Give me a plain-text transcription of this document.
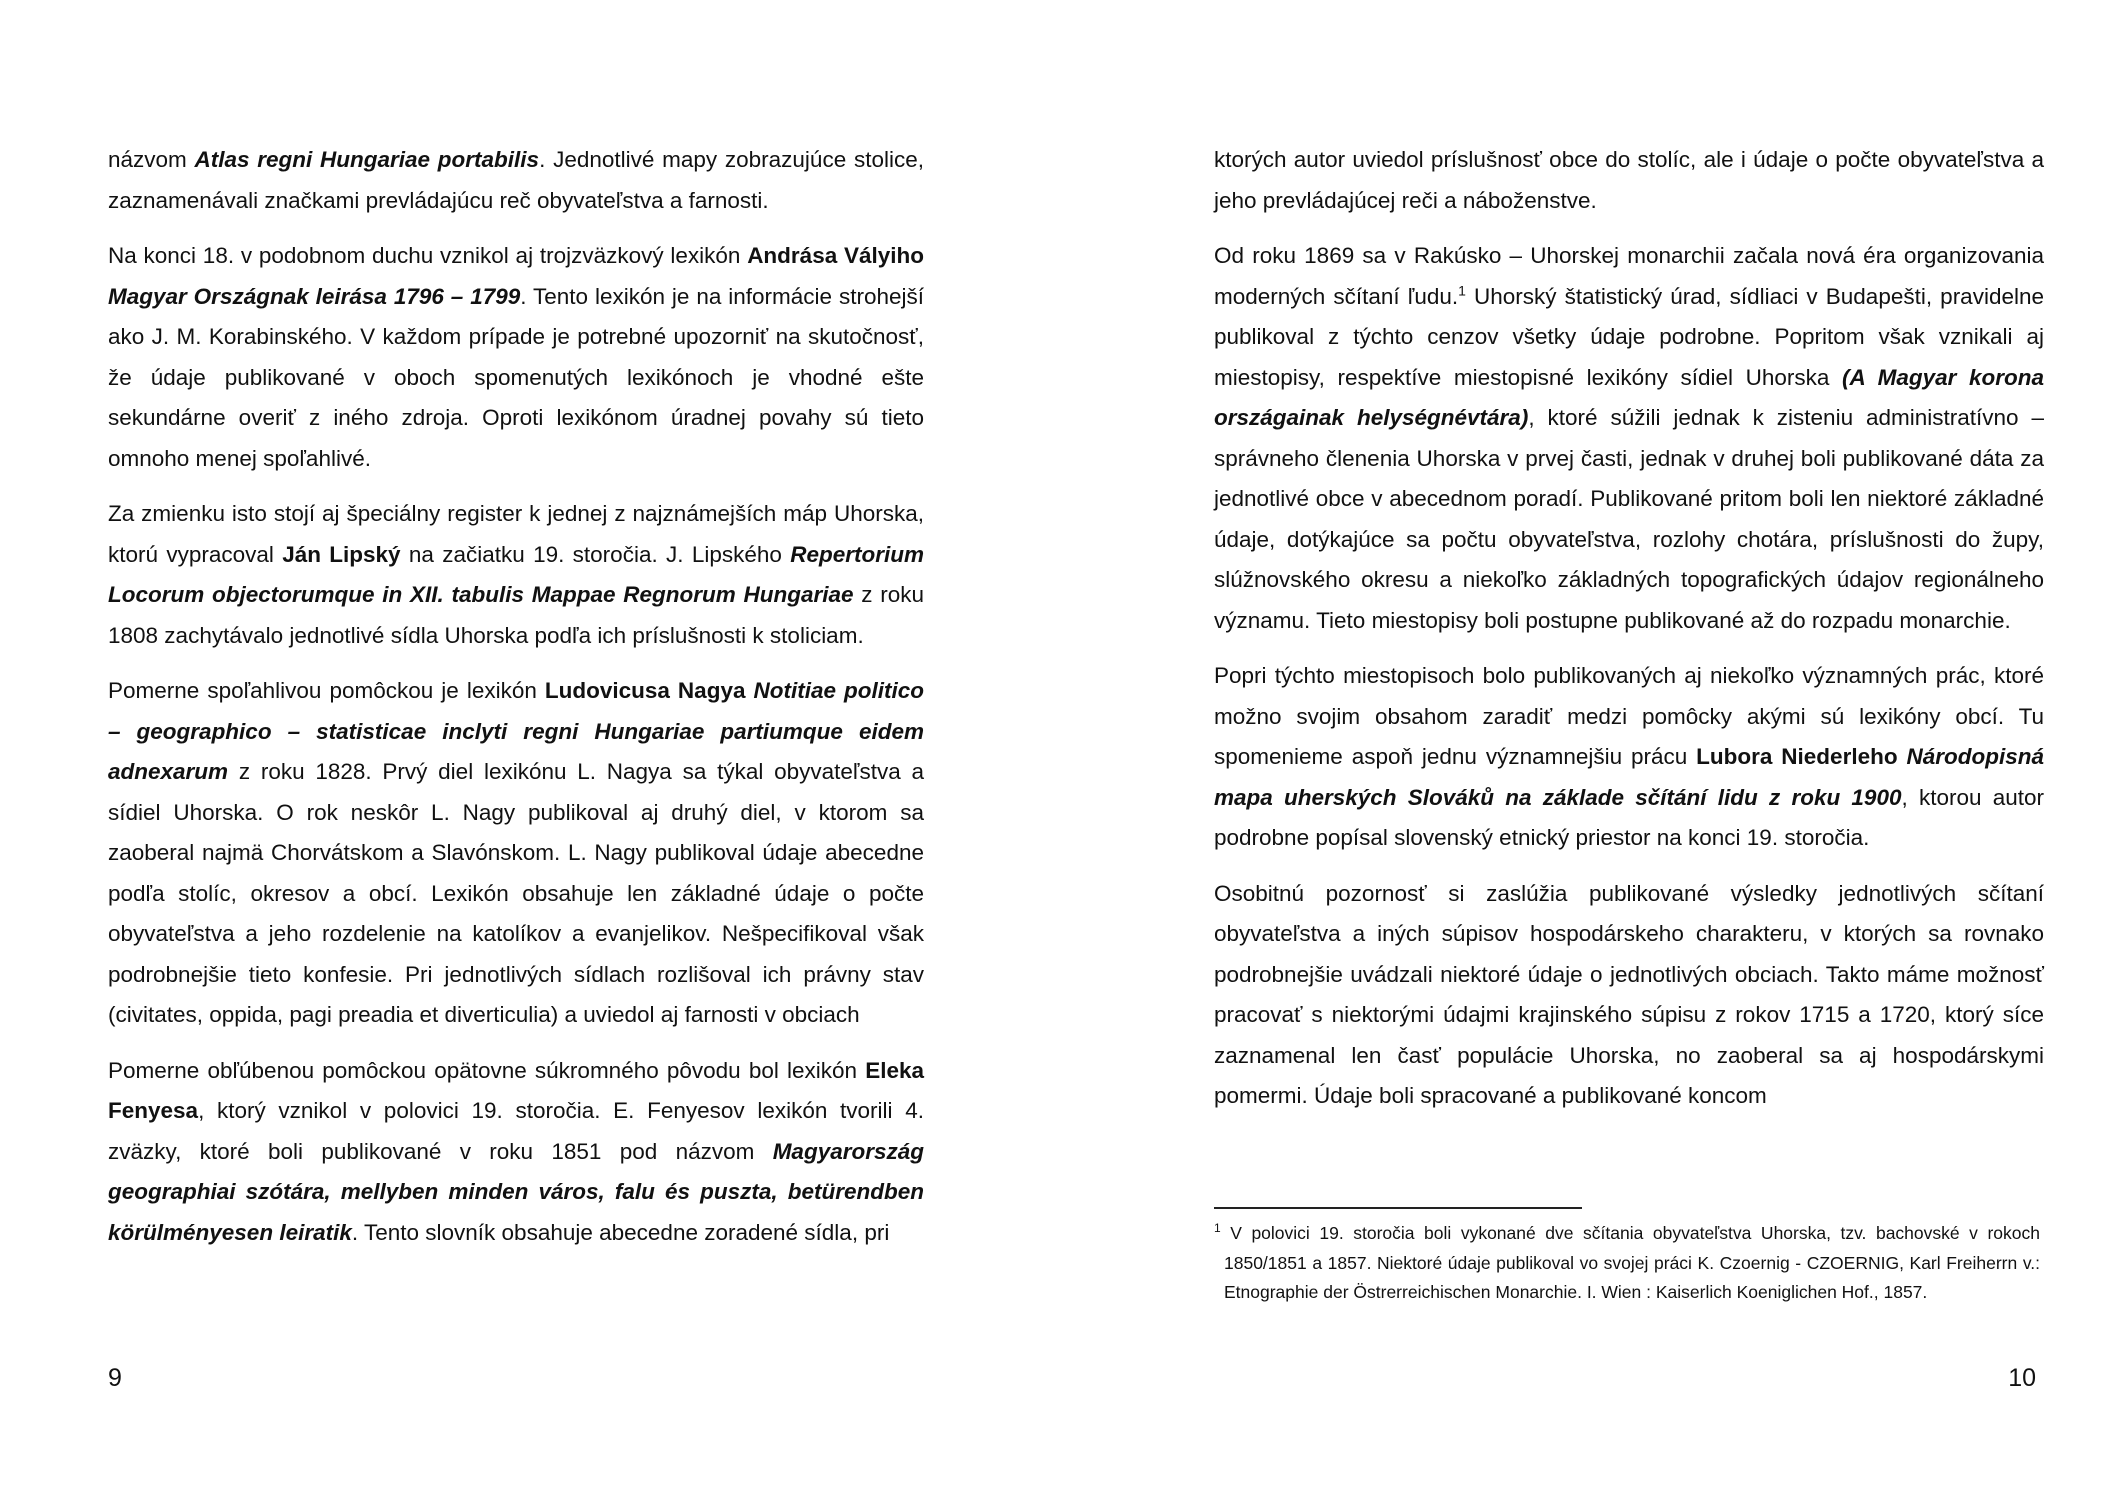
názvom Atlas regni Hungariae portabilis. Jednotlivé mapy zobrazujúce stolice, zaznamenávali značkami prevládajúcu reč obyvateľstva a farnosti.

Na konci 18. v podobnom duchu vznikol aj trojzväzkový lexikón Andrása Vályiho Magyar Országnak leirása 1796 – 1799. Tento lexikón je na informácie strohejší ako J. M. Korabinského. V každom prípade je potrebné upozorniť na skutočnosť, že údaje publikované v oboch spomenutých lexikónoch je vhodné ešte sekundárne overiť z iného zdroja. Oproti lexikónom úradnej povahy sú tieto omnoho menej spoľahlivé.

Za zmienku isto stojí aj špeciálny register k jednej z najznámejších máp Uhorska, ktorú vypracoval Ján Lipský na začiatku 19. storočia. J. Lipského Repertorium Locorum objectorumque in XII. tabulis Mappae Regnorum Hungariae z roku 1808 zachytávalo jednotlivé sídla Uhorska podľa ich príslušnosti k stoliciam.

Pomerne spoľahlivou pomôckou je lexikón Ludovicusa Nagya Notitiae politico – geographico – statisticae inclyti regni Hungariae partiumque eidem adnexarum z roku 1828. Prvý diel lexikónu L. Nagya sa týkal obyvateľstva a sídiel Uhorska. O rok neskôr L. Nagy publikoval aj druhý diel, v ktorom sa zaoberal najmä Chorvátskom a Slavónskom. L. Nagy publikoval údaje abecedne podľa stolíc, okresov a obcí. Lexikón obsahuje len základné údaje o počte obyvateľstva a jeho rozdelenie na katolíkov a evanjelikov. Nešpecifikoval však podrobnejšie tieto konfesie. Pri jednotlivých sídlach rozlišoval ich právny stav (civitates, oppida, pagi preadia et diverticulia) a uviedol aj farnosti v obciach

Pomerne obľúbenou pomôckou opätovne súkromného pôvodu bol lexikón Eleka Fenyesa, ktorý vznikol v polovici 19. storočia. E. Fenyesov lexikón tvorili 4. zväzky, ktoré boli publikované v roku 1851 pod názvom Magyarország geographiai szótára, mellyben minden város, falu és puszta, betürendben körülményesen leiratik. Tento slovník obsahuje abecedne zoradené sídla, pri

9

ktorých autor uviedol príslušnosť obce do stolíc, ale i údaje o počte obyvateľstva a jeho prevládajúcej reči a náboženstve.

Od roku 1869 sa v Rakúsko – Uhorskej monarchii začala nová éra organizovania moderných sčítaní ľudu.$^1$ Uhorský štatistický úrad, sídliaci v Budapešti, pravidelne publikoval z týchto cenzov všetky údaje podrobne. Popritom však vznikali aj miestopisy, respektíve miestopisné lexikóny sídiel Uhorska (A Magyar korona országainak helységnévtára), ktoré súžili jednak k zisteniu administratívno – správneho členenia Uhorska v prvej časti, jednak v druhej boli publikované dáta za jednotlivé obce v abecednom poradí. Publikované pritom boli len niektoré základné údaje, dotýkajúce sa počtu obyvateľstva, rozlohy chotára, príslušnosti do župy, slúžnovského okresu a niekoľko základných topografických údajov regionálneho významu. Tieto miestopisy boli postupne publikované až do rozpadu monarchie.

Popri týchto miestopisoch bolo publikovaných aj niekoľko významných prác, ktoré možno svojim obsahom zaradiť medzi pomôcky akými sú lexikóny obcí. Tu spomenieme aspoň jednu významnejšiu prácu Lubora Niederleho Národopisná mapa uherských Slováků na základe sčítání lidu z roku 1900, ktorou autor podrobne popísal slovenský etnický priestor na konci 19. storočia.

Osobitnú pozornosť si zaslúžia publikované výsledky jednotlivých sčítaní obyvateľstva a iných súpisov hospodárskeho charakteru, v ktorých sa rovnako podrobnejšie uvádzali niektoré údaje o jednotlivých obciach. Takto máme možnosť pracovať s niektorými údajmi krajinského súpisu z rokov 1715 a 1720, ktorý síce zaznamenal len časť populácie Uhorska, no zaoberal sa aj hospodárskymi pomermi. Údaje boli spracované a publikované koncom

$^1$ V polovici 19. storočia boli vykonané dve sčítania obyvateľstva Uhorska, tzv. bachovské v rokoch 1850/1851 a 1857. Niektoré údaje publikoval vo svojej práci K. Czoernig - CZOERNIG, Karl Freiherrn v.: Etnographie der Östrerreichischen Monarchie. I. Wien : Kaiserlich Koeniglichen Hof., 1857.
10
